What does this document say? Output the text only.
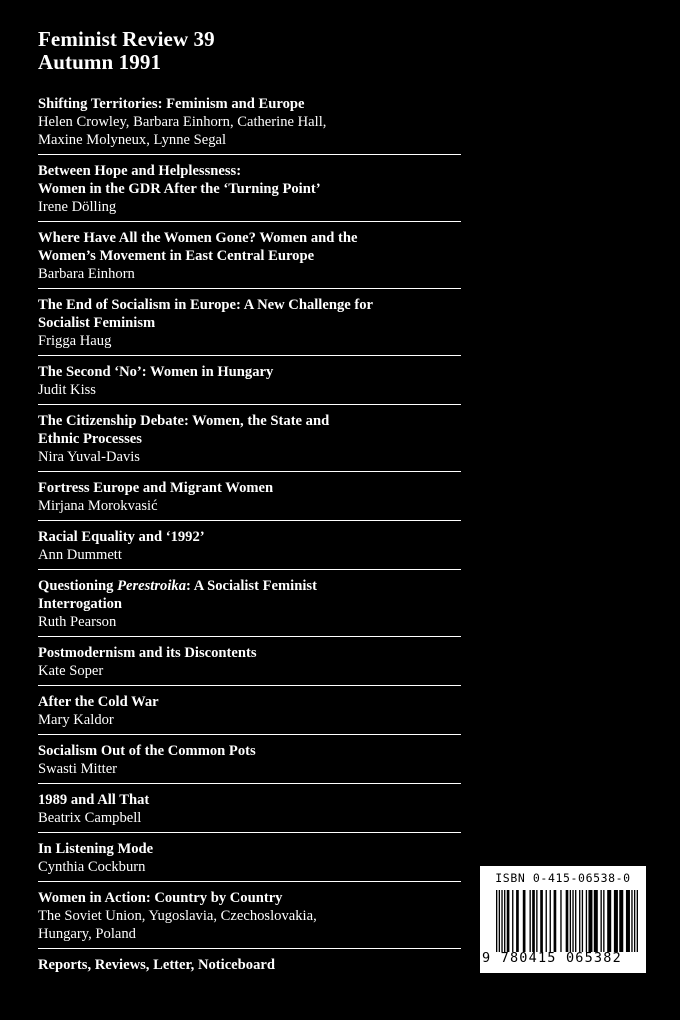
Feminist Review 39
Autumn 1991
Shifting Territories: Feminism and Europe
Helen Crowley, Barbara Einhorn, Catherine Hall,
Maxine Molyneux, Lynne Segal
Between Hope and Helplessness:
Women in the GDR After the ‘Turning Point’
Irene Dölling
Where Have All the Women Gone? Women and the
Women’s Movement in East Central Europe
Barbara Einhorn
The End of Socialism in Europe: A New Challenge for
Socialist Feminism
Frigga Haug
The Second ‘No’: Women in Hungary
Judit Kiss
The Citizenship Debate: Women, the State and
Ethnic Processes
Nira Yuval-Davis
Fortress Europe and Migrant Women
Mirjana Morokvasić
Racial Equality and ‘1992’
Ann Dummett
Questioning Perestroika: A Socialist Feminist
Interrogation
Ruth Pearson
Postmodernism and its Discontents
Kate Soper
After the Cold War
Mary Kaldor
Socialism Out of the Common Pots
Swasti Mitter
1989 and All That
Beatrix Campbell
In Listening Mode
Cynthia Cockburn
Women in Action: Country by Country
The Soviet Union, Yugoslavia, Czechoslovakia,
Hungary, Poland
Reports, Reviews, Letter, Noticeboard
ISBN 0-415-06538-0
9 780415 065382
